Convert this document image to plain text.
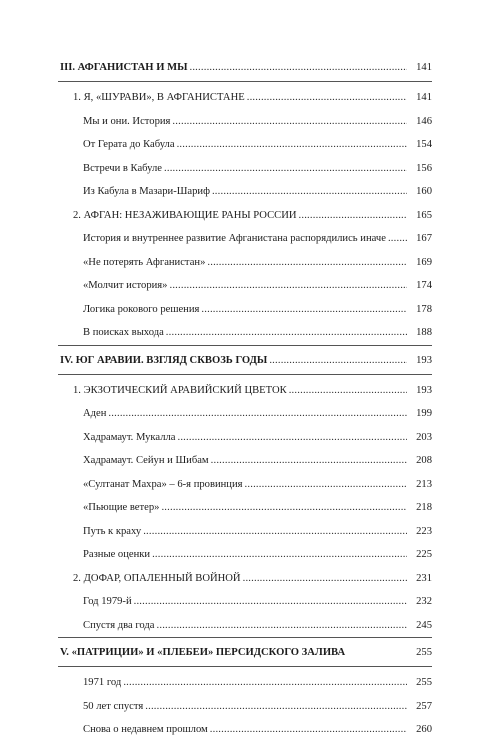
III. АФГАНИСТАН И МЫ .....	141
1. Я, «ШУРАВИ», В АФГАНИСТАНЕ .....	141
Мы и они. История .....	146
От Герата до Кабула .....	154
Встречи в Кабуле .....	156
Из Кабула в Мазари-Шариф .....	160
2. АФГАН: НЕЗАЖИВАЮЩИЕ РАНЫ РОССИИ .....	165
История и внутреннее развитие Афганистана распорядились иначе .....	167
«Не потерять Афганистан» .....	169
«Молчит история» .....	174
Логика рокового решения .....	178
В поисках выхода .....	188
IV. ЮГ АРАВИИ. ВЗГЛЯД СКВОЗЬ ГОДЫ .....	193
1. ЭКЗОТИЧЕСКИЙ АРАВИЙСКИЙ ЦВЕТОК .....	193
Аден .....	199
Хадрамаут. Мукалла .....	203
Хадрамаут. Сейун и Шибам .....	208
«Султанат Махра» – 6-я провинция .....	213
«Пьющие ветер» .....	218
Путь к краху .....	223
Разные оценки .....	225
2. ДОФАР, ОПАЛЕННЫЙ ВОЙНОЙ .....	231
Год 1979-й .....	232
Спустя два года .....	245
V. «ПАТРИЦИИ» И «ПЛЕБЕИ» ПЕРСИДСКОГО ЗАЛИВА	255
1971 год .....	255
50 лет спустя .....	257
Снова о недавнем прошлом .....	260
